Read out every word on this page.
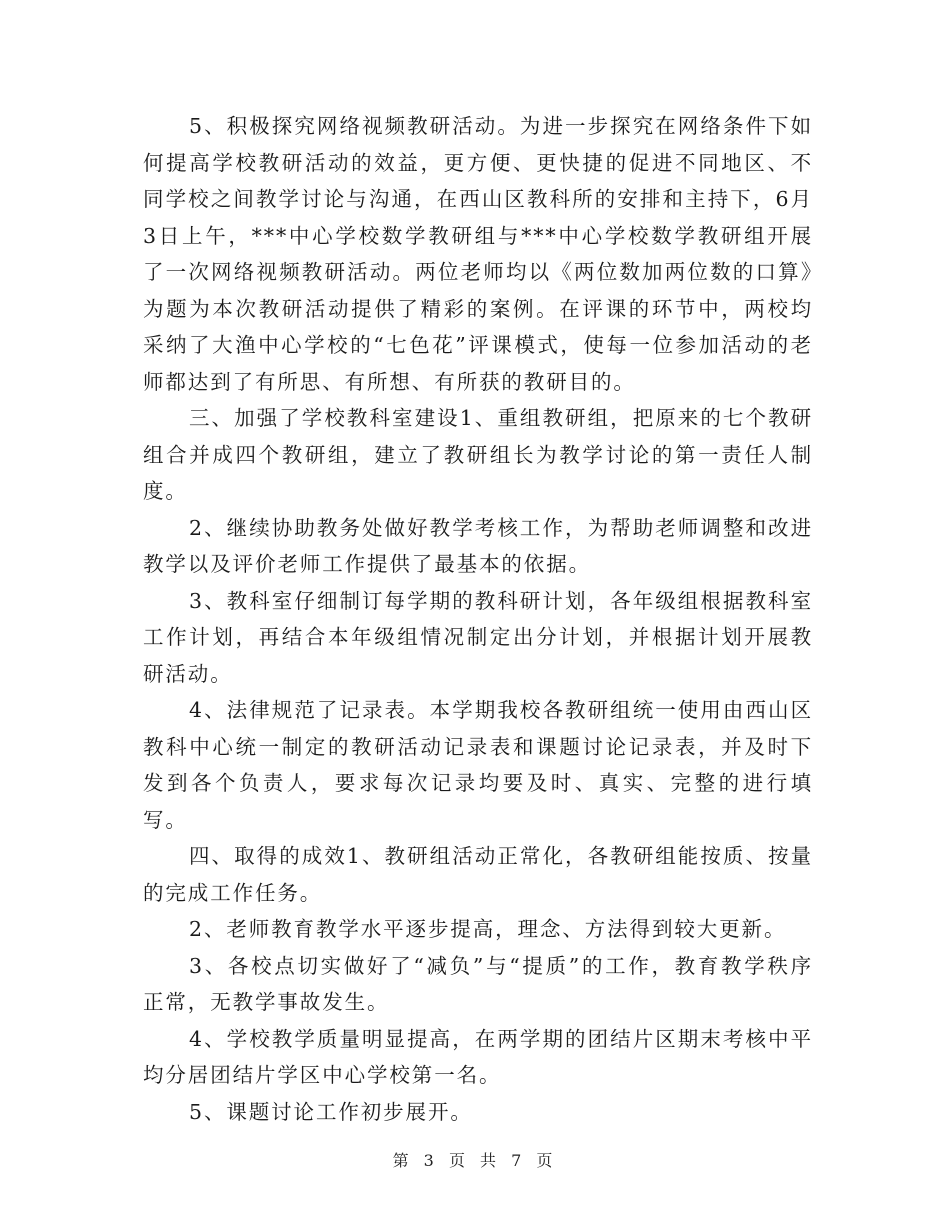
5、积极探究网络视频教研活动。为进一步探究在网络条件下如何提高学校教研活动的效益，更方便、更快捷的促进不同地区、不同学校之间教学讨论与沟通，在西山区教科所的安排和主持下，6月3日上午，***中心学校数学教研组与***中心学校数学教研组开展了一次网络视频教研活动。两位老师均以《两位数加两位数的口算》为题为本次教研活动提供了精彩的案例。在评课的环节中，两校均采纳了大渔中心学校的“七色花”评课模式，使每一位参加活动的老师都达到了有所思、有所想、有所获的教研目的。

三、加强了学校教科室建设1、重组教研组，把原来的七个教研组合并成四个教研组，建立了教研组长为教学讨论的第一责任人制度。

2、继续协助教务处做好教学考核工作，为帮助老师调整和改进教学以及评价老师工作提供了最基本的依据。

3、教科室仔细制订每学期的教科研计划，各年级组根据教科室工作计划，再结合本年级组情况制定出分计划，并根据计划开展教研活动。

4、法律规范了记录表。本学期我校各教研组统一使用由西山区教科中心统一制定的教研活动记录表和课题讨论记录表，并及时下发到各个负责人，要求每次记录均要及时、真实、完整的进行填写。

四、取得的成效1、教研组活动正常化，各教研组能按质、按量的完成工作任务。

2、老师教育教学水平逐步提高，理念、方法得到较大更新。

3、各校点切实做好了“减负”与“提质”的工作，教育教学秩序正常，无教学事故发生。

4、学校教学质量明显提高，在两学期的团结片区期末考核中平均分居团结片学区中心学校第一名。

5、课题讨论工作初步展开。

第 3 页 共 7 页
